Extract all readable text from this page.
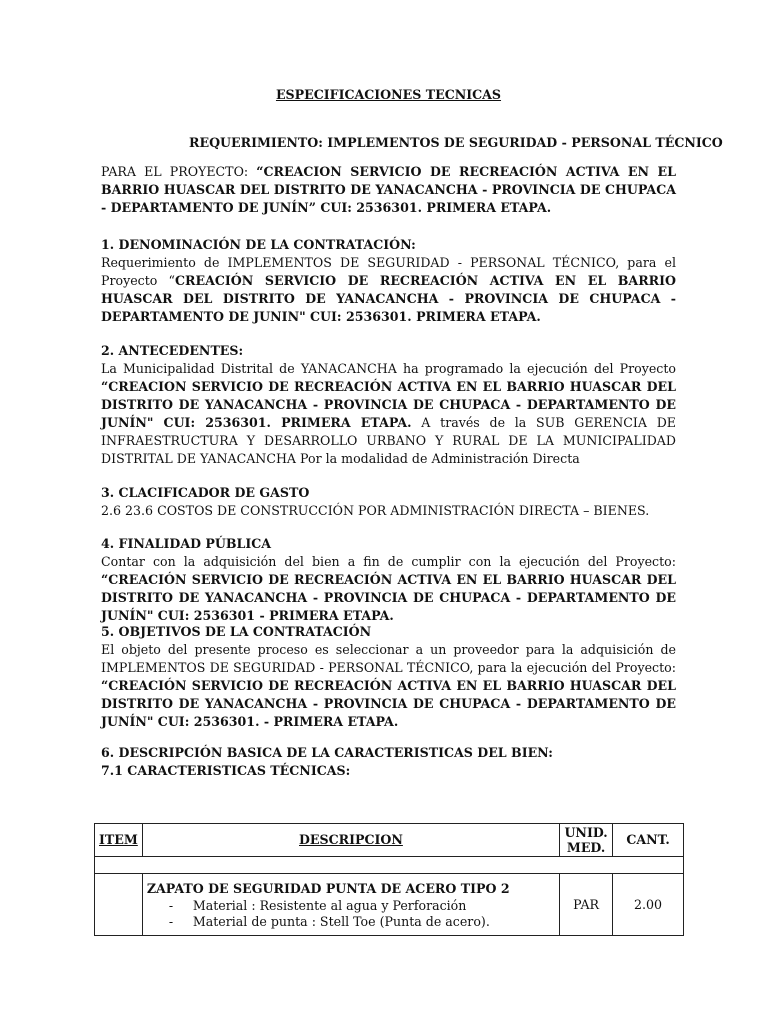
ESPECIFICACIONES TECNICAS
REQUERIMIENTO: IMPLEMENTOS DE SEGURIDAD - PERSONAL TÉCNICO

PARA EL PROYECTO: “CREACION SERVICIO DE RECREACIÓN ACTIVA EN EL BARRIO HUASCAR DEL DISTRITO DE YANACANCHA - PROVINCIA DE CHUPACA - DEPARTAMENTO DE JUNÍN” CUI: 2536301. PRIMERA ETAPA.

1. DENOMINACIÓN DE LA CONTRATACIÓN:

Requerimiento de IMPLEMENTOS DE SEGURIDAD - PERSONAL TÉCNICO, para el Proyecto “CREACIÓN SERVICIO DE RECREACIÓN ACTIVA EN EL BARRIO HUASCAR DEL DISTRITO DE YANACANCHA - PROVINCIA DE CHUPACA - DEPARTAMENTO DE JUNIN" CUI: 2536301. PRIMERA ETAPA.

2. ANTECEDENTES:

La Municipalidad Distrital de YANACANCHA ha programado la ejecución del Proyecto “CREACION SERVICIO DE RECREACIÓN ACTIVA EN EL BARRIO HUASCAR DEL DISTRITO DE YANACANCHA - PROVINCIA DE CHUPACA - DEPARTAMENTO DE JUNÍN" CUI: 2536301. PRIMERA ETAPA. A través de la SUB GERENCIA DE INFRAESTRUCTURA Y DESARROLLO URBANO Y RURAL DE LA MUNICIPALIDAD DISTRITAL DE YANACANCHA Por la modalidad de Administración Directa

3. CLACIFICADOR DE GASTO

2.6 23.6 COSTOS DE CONSTRUCCIÓN POR ADMINISTRACIÓN DIRECTA – BIENES.

4. FINALIDAD PÚBLICA

Contar con la adquisición del bien a fin de cumplir con la ejecución del Proyecto: “CREACIÓN SERVICIO DE RECREACIÓN ACTIVA EN EL BARRIO HUASCAR DEL DISTRITO DE YANACANCHA - PROVINCIA DE CHUPACA - DEPARTAMENTO DE JUNÍN" CUI: 2536301 - PRIMERA ETAPA.

5. OBJETIVOS DE LA CONTRATACIÓN

El objeto del presente proceso es seleccionar a un proveedor para la adquisición de IMPLEMENTOS DE SEGURIDAD - PERSONAL TÉCNICO, para la ejecución del Proyecto: “CREACIÓN SERVICIO DE RECREACIÓN ACTIVA EN EL BARRIO HUASCAR DEL DISTRITO DE YANACANCHA - PROVINCIA DE CHUPACA - DEPARTAMENTO DE JUNÍN" CUI: 2536301. - PRIMERA ETAPA.

6. DESCRIPCIÓN BASICA DE LA CARACTERISTICAS DEL BIEN:
7.1 CARACTERISTICAS TÉCNICAS:
ITEM	DESCRIPCION	UNID.
MED.	CANT.

	ZAPATO DE SEGURIDAD PUNTA DE ACERO TIPO 2
- Material : Resistente al agua y Perforación
- Material de punta : Stell Toe (Punta de acero).	PAR	2.00
